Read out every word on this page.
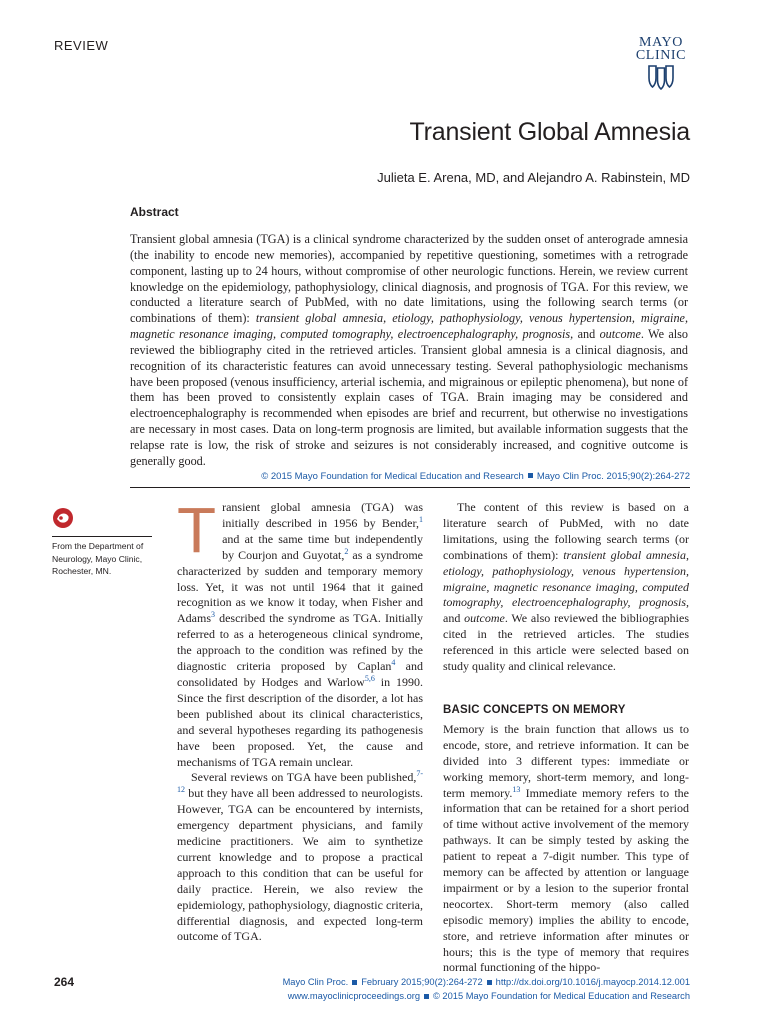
REVIEW	MAYO
CLINIC
Transient Global Amnesia

Julieta E. Arena, MD, and Alejandro A. Rabinstein, MD

Abstract

Transient global amnesia (TGA) is a clinical syndrome characterized by the sudden onset of anterograde amnesia (the inability to encode new memories), accompanied by repetitive questioning, sometimes with a retrograde component, lasting up to 24 hours, without compromise of other neurologic functions. Herein, we review current knowledge on the epidemiology, pathophysiology, clinical diagnosis, and prognosis of TGA. For this review, we conducted a literature search of PubMed, with no date limitations, using the following search terms (or combinations of them): transient global amnesia, etiology, pathophysiology, venous hypertension, migraine, magnetic resonance imaging, computed tomography, electroencephalography, prognosis, and outcome. We also reviewed the bibliography cited in the retrieved articles. Transient global amnesia is a clinical diagnosis, and recognition of its characteristic features can avoid unnecessary testing. Several pathophysiologic mechanisms have been proposed (venous insufficiency, arterial ischemia, and migrainous or epileptic phenomena), but none of them has been proved to consistently explain cases of TGA. Brain imaging may be considered and electroencephalography is recommended when episodes are brief and recurrent, but otherwise no investigations are necessary in most cases. Data on long-term prognosis are limited, but available information suggests that the relapse rate is low, the risk of stroke and seizures is not considerably increased, and cognitive outcome is generally good.

© 2015 Mayo Foundation for Medical Education and Research Mayo Clin Proc. 2015;90(2):264-272
From the Department of Neurology, Mayo Clinic, Rochester, MN.

Transient global amnesia (TGA) was initially described in 1956 by Bender,$^1$ and at the same time but independently by Courjon and Guyotat,$^2$ as a syndrome characterized by sudden and temporary memory loss. Yet, it was not until 1964 that it gained recognition as we know it today, when Fisher and Adams$^3$ described the syndrome as TGA. Initially referred to as a heterogeneous clinical syndrome, the approach to the condition was refined by the diagnostic criteria proposed by Caplan$^4$ and consolidated by Hodges and Warlow$^{5,6}$ in 1990. Since the first description of the disorder, a lot has been published about its clinical characteristics, and several hypotheses regarding its pathogenesis have been proposed. Yet, the cause and mechanisms of TGA remain unclear.

Several reviews on TGA have been published,$^{7-12}$ but they have all been addressed to neurologists. However, TGA can be encountered by internists, emergency department physicians, and family medicine practitioners. We aim to synthetize current knowledge and to propose a practical approach to this condition that can be useful for daily practice. Herein, we also review the epidemiology, pathophysiology, diagnostic criteria, differential diagnosis, and expected long-term outcome of TGA.

The content of this review is based on a literature search of PubMed, with no date limitations, using the following search terms (or combinations of them): transient global amnesia, etiology, pathophysiology, venous hypertension, migraine, magnetic resonance imaging, computed tomography, electroencephalography, prognosis, and outcome. We also reviewed the bibliographies cited in the retrieved articles. The studies referenced in this article were selected based on study quality and clinical relevance.

BASIC CONCEPTS ON MEMORY

Memory is the brain function that allows us to encode, store, and retrieve information. It can be divided into 3 different types: immediate or working memory, short-term memory, and long-term memory.$^{13}$ Immediate memory refers to the information that can be retained for a short period of time without active involvement of the memory pathways. It can be simply tested by asking the patient to repeat a 7-digit number. This type of memory can be affected by attention or language impairment or by a lesion to the superior frontal neocortex. Short-term memory (also called episodic memory) implies the ability to encode, store, and retrieve information after minutes or hours; this is the type of memory that requires normal functioning of the hippo-

264	Mayo Clin Proc. February 2015;90(2):264-272 http://dx.doi.org/10.1016/j.mayocp.2014.12.001
www.mayoclinicproceedings.org © 2015 Mayo Foundation for Medical Education and Research
